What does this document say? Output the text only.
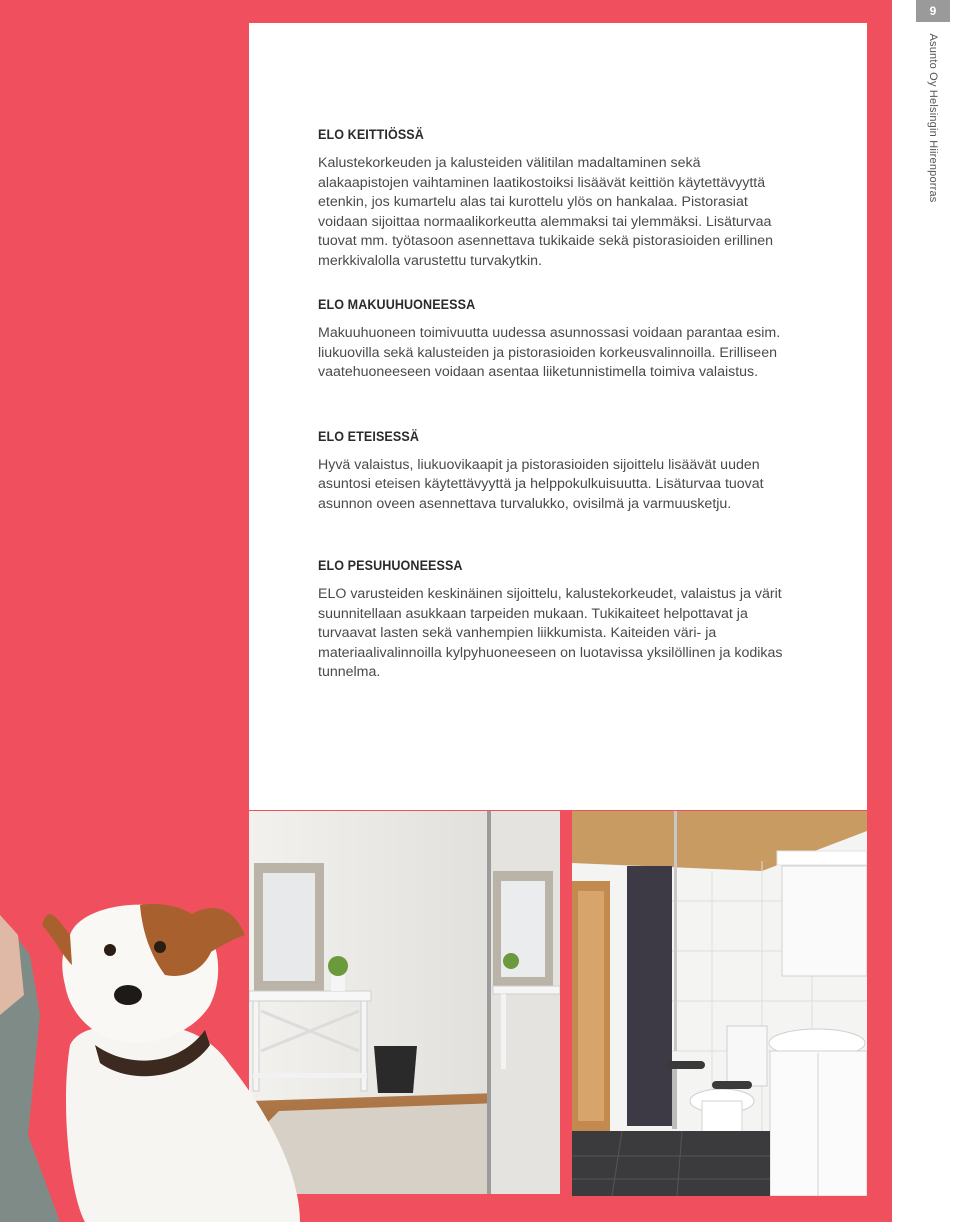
9
Asunto Oy Helsingin Hiirenporras
ELO KEITTIÖSSÄ

Kalustekorkeuden ja kalusteiden välitilan madaltaminen sekä alakaapistojen vaihtaminen laatikostoiksi lisäävät keittiön käytettävyyttä etenkin, jos kumartelu alas tai kurottelu ylös on hankalaa. Pistorasiat voidaan sijoittaa normaalikorkeutta alemmaksi tai ylemmäksi. Lisäturvaa tuovat mm. työtasoon asennettava tukikaide sekä pistorasioiden erillinen merkkivalolla varustettu turvakytkin.

ELO MAKUUHUONEESSA

Makuuhuoneen toimivuutta uudessa asunnossasi voidaan parantaa esim. liukuovilla sekä kalusteiden ja pistorasioiden korkeusvalinnoilla. Erilliseen vaatehuoneeseen voidaan asentaa liiketunnistimella toimiva valaistus.

ELO ETEISESSÄ

Hyvä valaistus, liukuovikaapit ja pistorasioiden sijoittelu lisäävät uuden asuntosi eteisen käytettävyyttä ja helppokulkuisuutta. Lisäturvaa tuovat asunnon oveen asennettava turvalukko, ovisilmä ja varmuusketju.

ELO PESUHUONEESSA

ELO varusteiden keskinäinen sijoittelu, kalustekorkeudet, valaistus ja värit suunnitellaan asukkaan tarpeiden mukaan. Tukikaiteet helpottavat ja turvaavat lasten sekä vanhempien liikkumista. Kaiteiden väri- ja materiaalivalinnoilla kylpyhuoneeseen on luotavissa yksilöllinen ja kodikas tunnelma.
